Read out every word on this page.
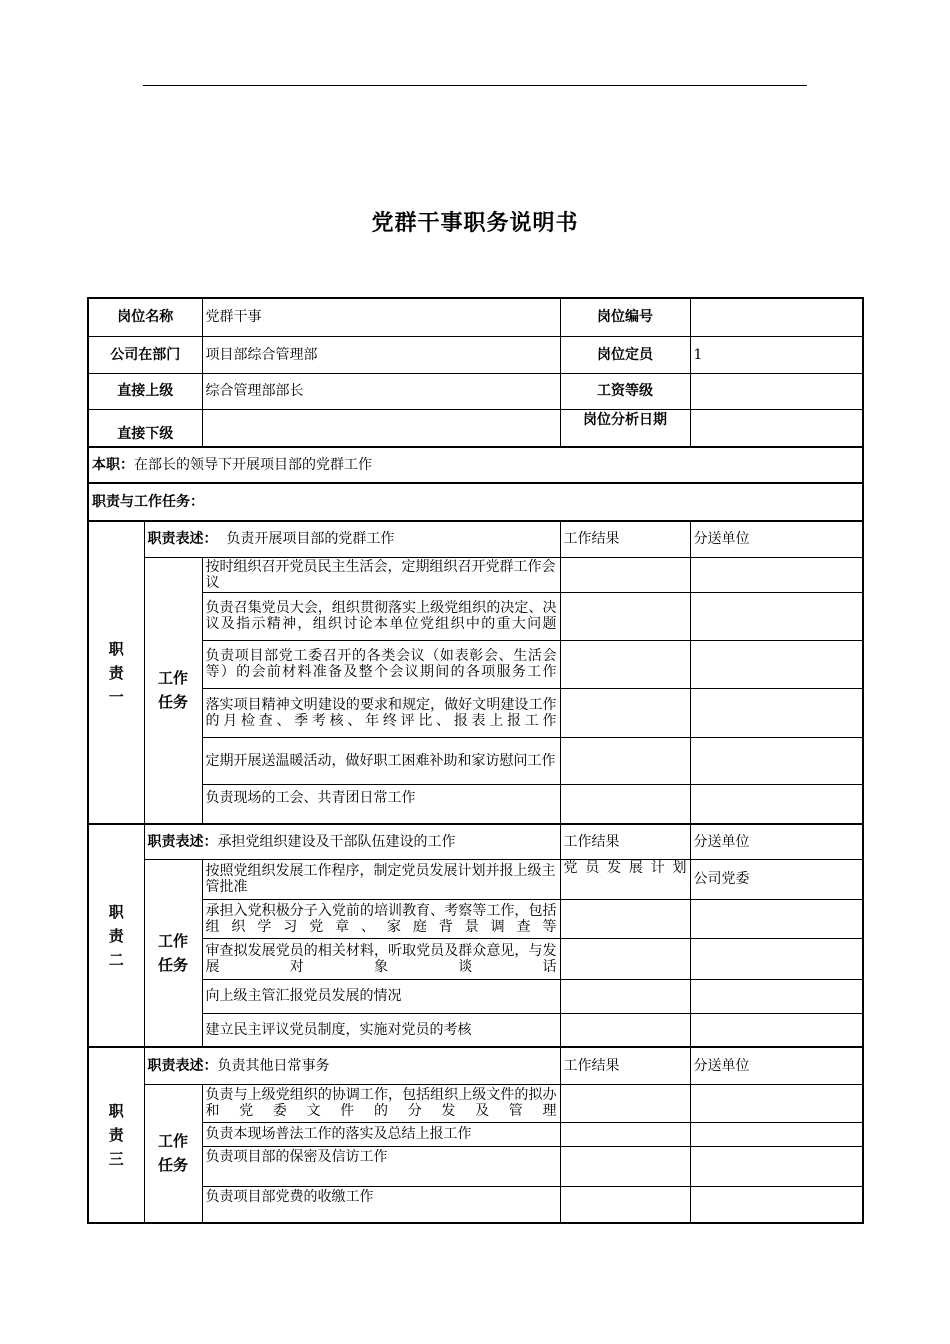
党群干事职务说明书
岗位名称		党群干事	岗位编号	
公司在部门		项目部综合管理部	岗位定员	1
直接上级		综合管理部部长	工资等级	
直接下级			岗位分析日期	
本职：在部长的领导下开展项目部的党群工作				
职责与工作任务：				
职
责
一	职责表述：  负责开展项目部的党群工作		工作结果	分送单位
	工作
任务	按时组织召开党员民主生活会，定期组织召开党群工作会议		
		负责召集党员大会，组织贯彻落实上级党组织的决定、决议及指示精神，组织讨论本单位党组织中的重大问题		
		负责项目部党工委召开的各类会议（如表彰会、生活会等）的会前材料准备及整个会议期间的各项服务工作		
		落实项目精神文明建设的要求和规定，做好文明建设工作的月检查、季考核、年终评比、报表上报工作		
		定期开展送温暖活动，做好职工困难补助和家访慰问工作		
		负责现场的工会、共青团日常工作		
职
责
二	职责表述：承担党组织建设及干部队伍建设的工作		工作结果	分送单位
	工作
任务	按照党组织发展工作程序，制定党员发展计划并报上级主管批准	党员发展计划	公司党委
		承担入党积极分子入党前的培训教育、考察等工作，包括组织学习党章、家庭背景调查等		
		审查拟发展党员的相关材料，听取党员及群众意见，与发展对象谈话		
		向上级主管汇报党员发展的情况		
		建立民主评议党员制度，实施对党员的考核		
职
责
三	职责表述：负责其他日常事务		工作结果	分送单位
	工作
任务	负责与上级党组织的协调工作，包括组织上级文件的拟办和党委文件的分发及管理		
		负责本现场普法工作的落实及总结上报工作		
		负责项目部的保密及信访工作		
		负责项目部党费的收缴工作		
